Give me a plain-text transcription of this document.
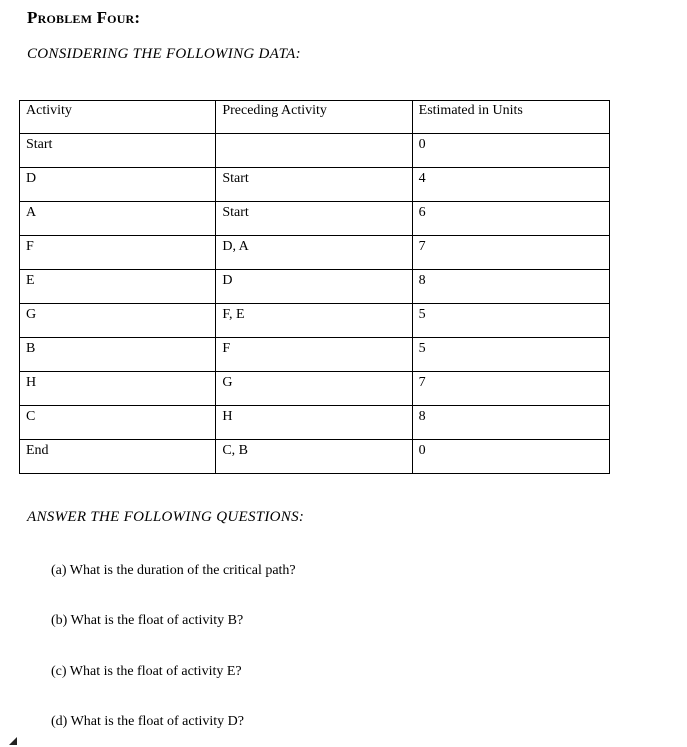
Problem Four:
CONSIDERING THE FOLLOWING DATA:
Activity	Preceding Activity	Estimated in Units
Start		0
D	Start	4
A	Start	6
F	D, A	7
E	D	8
G	F, E	5
B	F	5
H	G	7
C	H	8
End	C, B	0
ANSWER THE FOLLOWING QUESTIONS:
(a) What is the duration of the critical path?
(b) What is the float of activity B?
(c) What is the float of activity E?
(d) What is the float of activity D?
